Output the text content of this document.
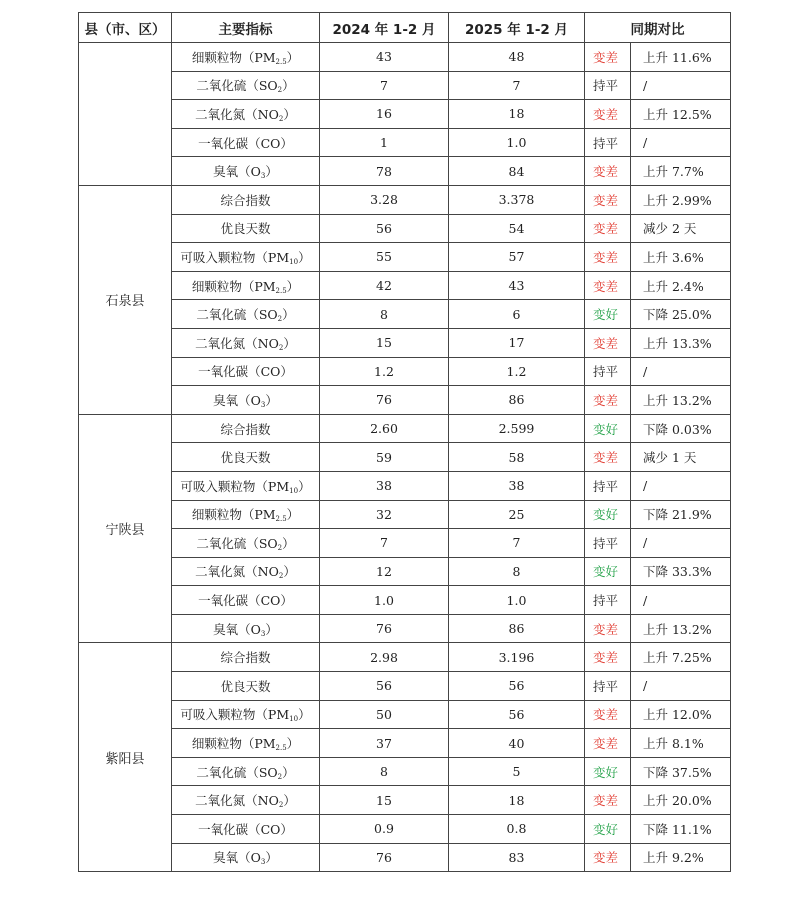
县（市、区）	主要指标	2024 年 1-2 月	2025 年 1-2 月	同期对比	
	细颗粒物$(PM_{2.5})$	43	48	变差	上升 11.6%
	二氧化硫$(SO_2)$	7	7	持平	/
	二氧化氮$(NO_2)$	16	18	变差	上升 12.5%
	一氧化碳（CO）	1	1.0	持平	/
	臭氧$(O_3)$	78	84	变差	上升 7.7%
石泉县	综合指数	3.28	3.378	变差	上升 2.99%
	优良天数	56	54	变差	减少 2 天
	可吸入颗粒物$(PM_{10})$	55	57	变差	上升 3.6%
	细颗粒物$(PM_{2.5})$	42	43	变差	上升 2.4%
	二氧化硫$(SO_2)$	8	6	变好	下降 25.0%
	二氧化氮$(NO_2)$	15	17	变差	上升 13.3%
	一氧化碳（CO）	1.2	1.2	持平	/
	臭氧$(O_3)$	76	86	变差	上升 13.2%
宁陕县	综合指数	2.60	2.599	变好	下降 0.03%
	优良天数	59	58	变差	减少 1 天
	可吸入颗粒物$(PM_{10})$	38	38	持平	/
	细颗粒物$(PM_{2.5})$	32	25	变好	下降 21.9%
	二氧化硫$(SO_2)$	7	7	持平	/
	二氧化氮$(NO_2)$	12	8	变好	下降 33.3%
	一氧化碳（CO）	1.0	1.0	持平	/
	臭氧$(O_3)$	76	86	变差	上升 13.2%
紫阳县	综合指数	2.98	3.196	变差	上升 7.25%
	优良天数	56	56	持平	/
	可吸入颗粒物$(PM_{10})$	50	56	变差	上升 12.0%
	细颗粒物$(PM_{2.5})$	37	40	变差	上升 8.1%
	二氧化硫$(SO_2)$	8	5	变好	下降 37.5%
	二氧化氮$(NO_2)$	15	18	变差	上升 20.0%
	一氧化碳（CO）	0.9	0.8	变好	下降 11.1%
	臭氧$(O_3)$	76	83	变差	上升 9.2%
